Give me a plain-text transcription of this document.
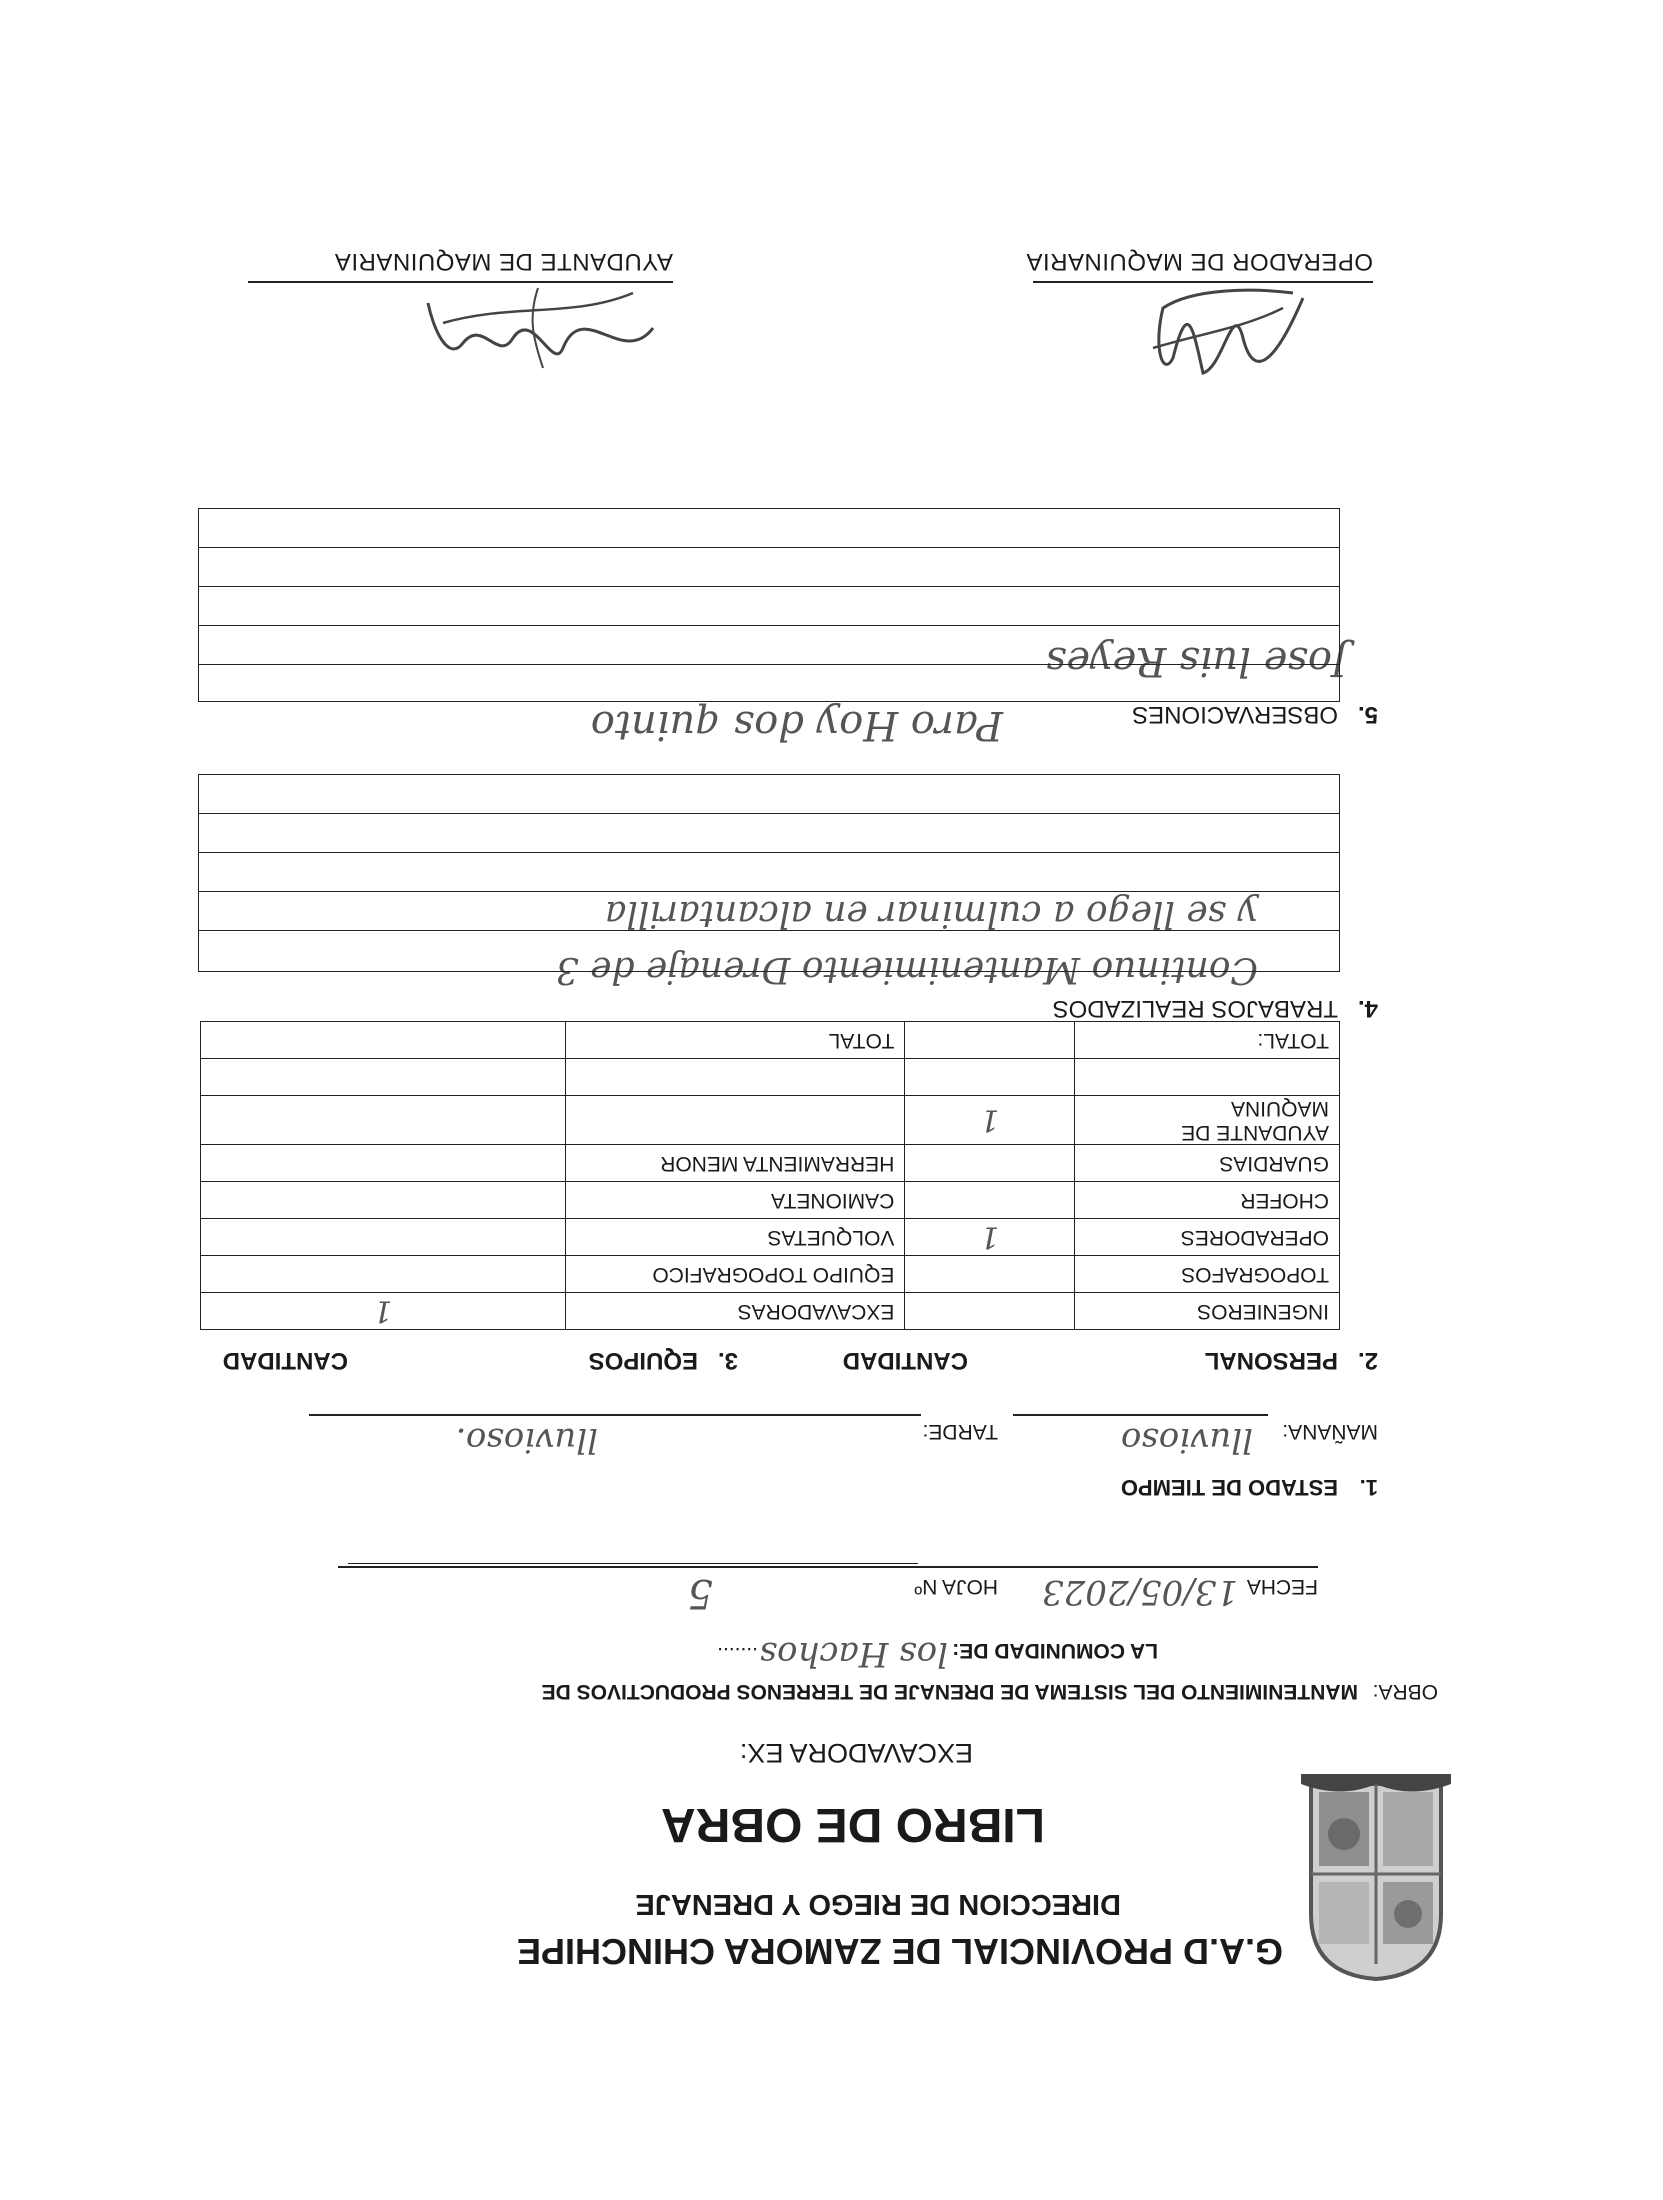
G.A.D PROVINCIAL DE ZAMORA CHINCHIPE
DIRECCION DE RIEGO Y DRENAJE
LIBRO DE OBRA
EXCAVADORA EX:
OBRA:
MANTENIMIENTO DEL SISTEMA DE DRENAJE DE TERRENOS PRODUCTIVOS DE
LA COMUNIDAD DE:
los Hachos
.......
FECHA
13/05/2023
HOJA Nº
5
1.
ESTADO DE TIEMPO
MAÑANA:
lluvioso
TARDE:
lluvioso.
2.
PERSONAL
CANTIDAD
3.
EQUIPOS
CANTIDAD
INGENIEROS		EXCAVADORAS	1
TOPOGRAFOS		EQUIPO TOPOGRAFICO	
OPERADORES	1	VOLQUETAS	
CHOFER		CAMIONETA	
GUARDIAS		HERRAMIENTA MENOR	
AYUDANTE DE MAQUINA	1		

TOTAL:		TOTAL	
4.
TRABAJOS REALIZADOS
Continuo Mantenimiento Drenaje de 3
y se llego a culminar en alcantarilla
5.
OBSERVACIONES
Paro Hoy dos quinto
Jose luis Reyes
OPERADOR DE MAQUINARIA
AYUDANTE DE MAQUINARIA
